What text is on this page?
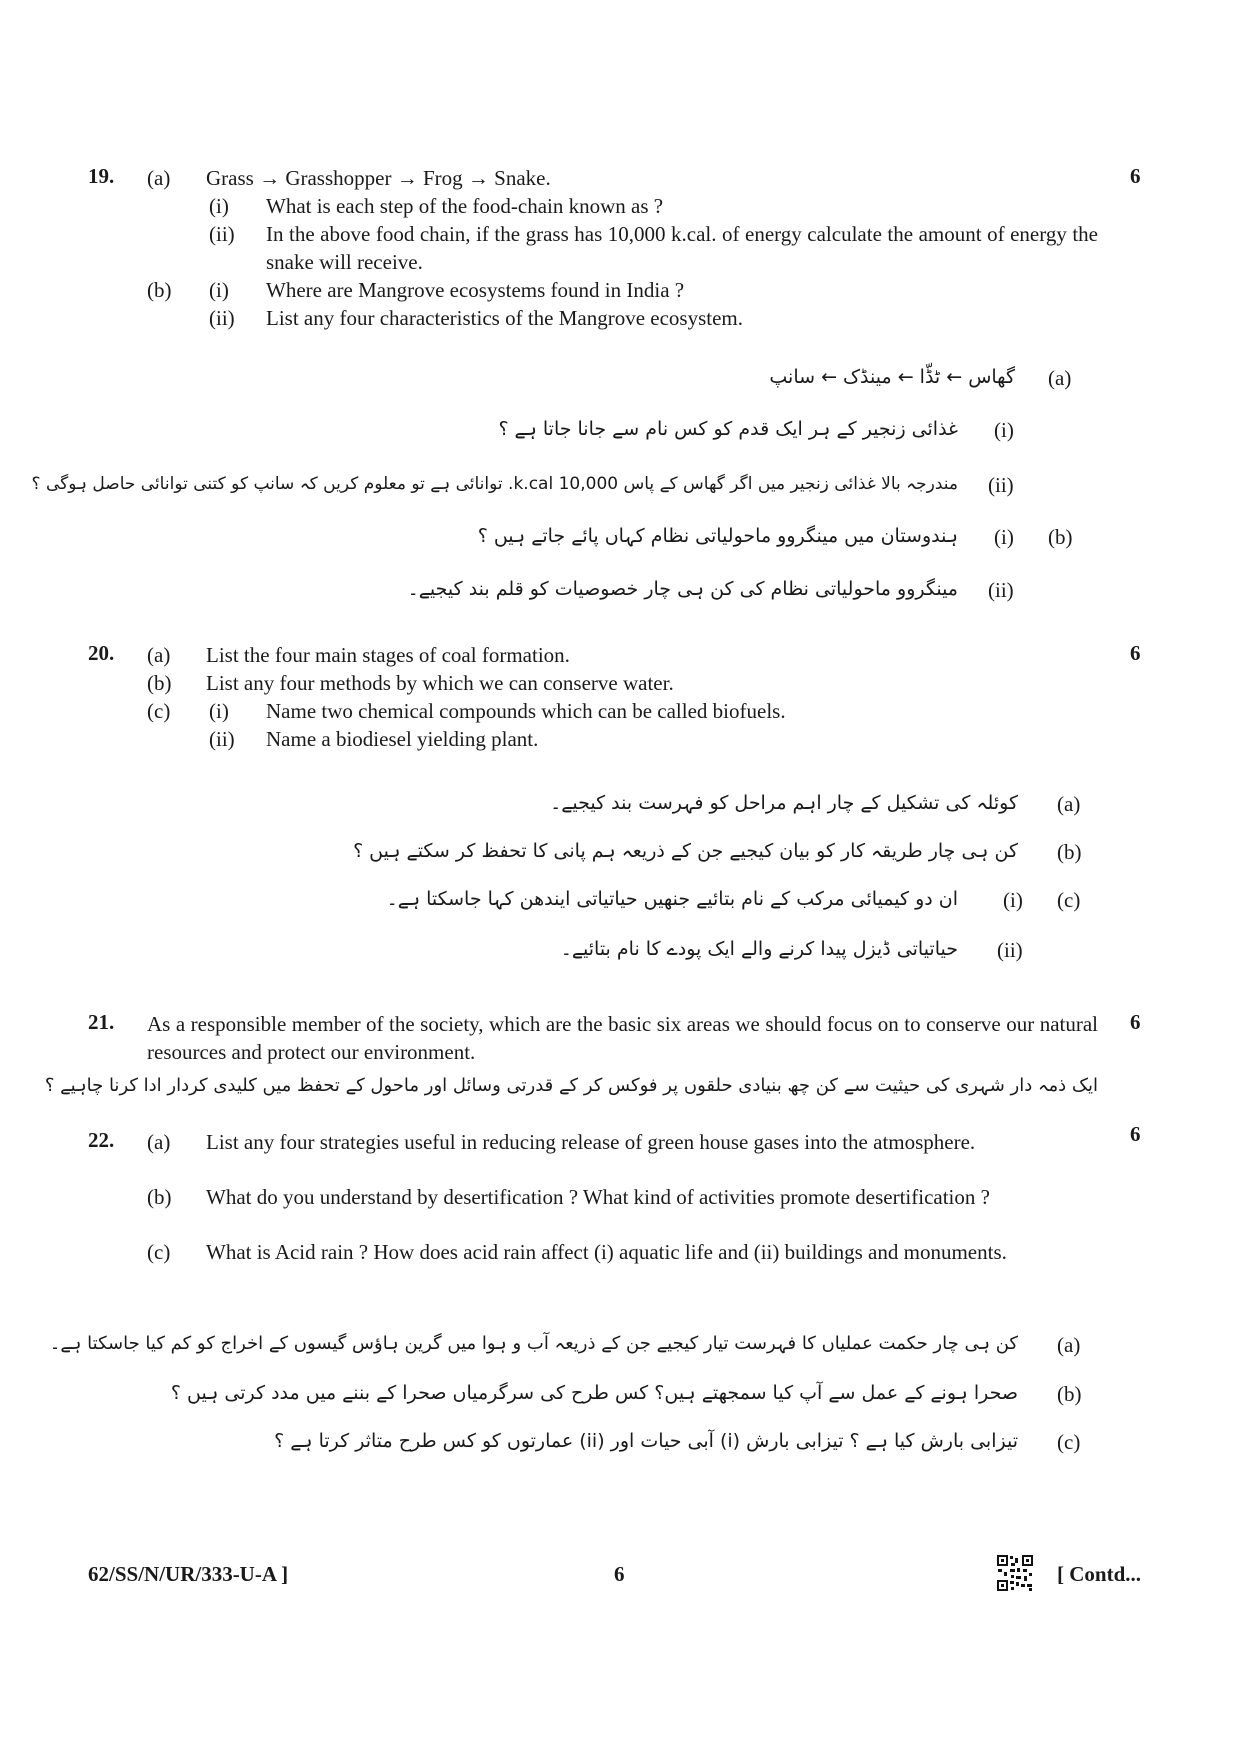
19.	6
(a) Grass → Grasshopper → Frog → Snake.
(i) What is each step of the food-chain known as ?
(ii) In the above food chain, if the grass has 10,000 k.cal. of energy calculate the amount of energy the snake will receive.
(b) (i) Where are Mangrove ecosystems found in India ?
(ii) List any four characteristics of the Mangrove ecosystem.
(a)
گھاس ← ٹڈّا ← مینڈک ← سانپ
(i)
غذائی زنجیر کے ہر ایک قدم کو کس نام سے جانا جاتا ہے ؟
(ii)
مندرجہ بالا غذائی زنجیر میں اگر گھاس کے پاس 10,000 k.cal. توانائی ہے تو معلوم کریں کہ سانپ کو کتنی توانائی حاصل ہوگی ؟
(b)
(i)
ہندوستان میں مینگروو ماحولیاتی نظام کہاں پائے جاتے ہیں ؟
(ii)
مینگروو ماحولیاتی نظام کی کن ہی چار خصوصیات کو قلم بند کیجیے۔
20.	6
(a) List the four main stages of coal formation.
(b) List any four methods by which we can conserve water.
(c) (i) Name two chemical compounds which can be called biofuels.
(ii) Name a biodiesel yielding plant.
(a)
کوئلہ کی تشکیل کے چار اہم مراحل کو فہرست بند کیجیے۔
(b)
کن ہی چار طریقہ کار کو بیان کیجیے جن کے ذریعہ ہم پانی کا تحفظ کر سکتے ہیں ؟
(c)
(i)
ان دو کیمیائی مرکب کے نام بتائیے جنھیں حیاتیاتی ایندھن کہا جاسکتا ہے۔
(ii)
حیاتیاتی ڈیزل پیدا کرنے والے ایک پودے کا نام بتائیے۔
21.	6
As a responsible member of the society, which are the basic six areas we should focus on to conserve our natural resources and protect our environment.
ایک ذمہ دار شہری کی حیثیت سے کن چھ بنیادی حلقوں پر فوکس کر کے قدرتی وسائل اور ماحول کے تحفظ میں کلیدی کردار ادا کرنا چاہیے ؟
22.	6
(a) List any four strategies useful in reducing release of green house gases into the atmosphere.
(b) What do you understand by desertification ? What kind of activities promote desertification ?
(c) What is Acid rain ? How does acid rain affect (i) aquatic life and (ii) buildings and monuments.
(a)
کن ہی چار حکمت عملیاں کا فہرست تیار کیجیے جن کے ذریعہ آب و ہوا میں گرین ہاؤس گیسوں کے اخراج کو کم کیا جاسکتا ہے۔
(b)
صحرا ہونے کے عمل سے آپ کیا سمجھتے ہیں؟ کس طرح کی سرگرمیاں صحرا کے بننے میں مدد کرتی ہیں ؟
(c)
تیزابی بارش کیا ہے ؟ تیزابی بارش (i) آبی حیات اور (ii) عمارتوں کو کس طرح متاثر کرتا ہے ؟
62/SS/N/UR/333-U-A ]	6	[ Contd...
